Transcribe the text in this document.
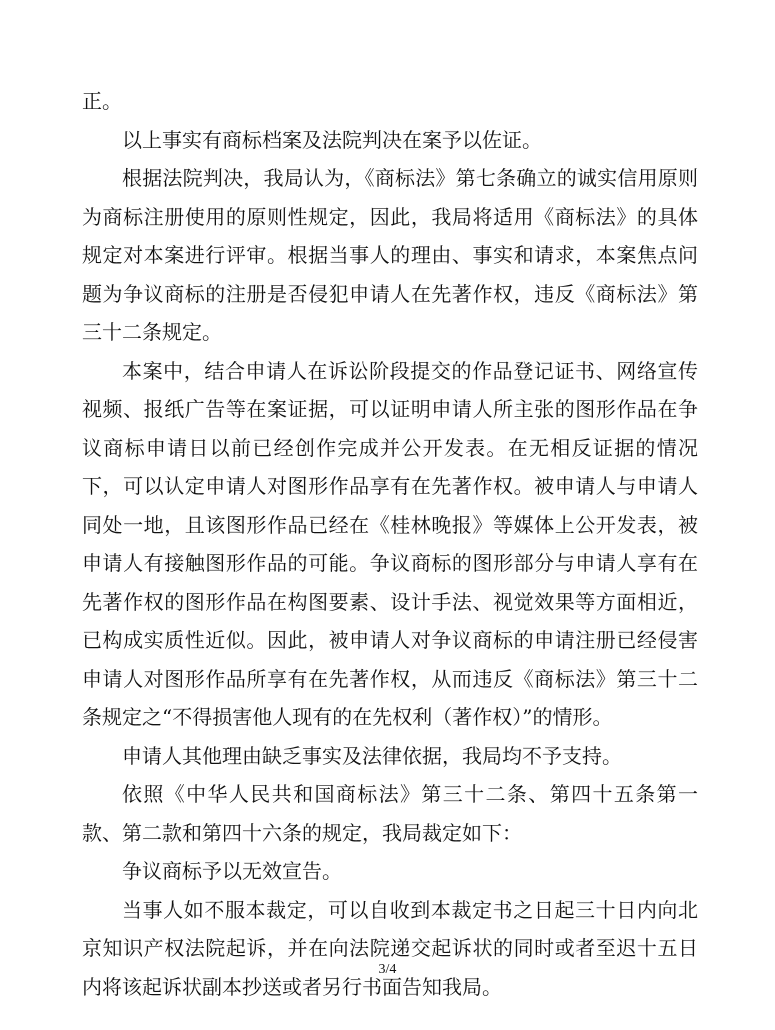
正。

以上事实有商标档案及法院判决在案予以佐证。

根据法院判决，我局认为，《商标法》第七条确立的诚实信用原则为商标注册使用的原则性规定，因此，我局将适用《商标法》的具体规定对本案进行评审。根据当事人的理由、事实和请求，本案焦点问题为争议商标的注册是否侵犯申请人在先著作权，违反《商标法》第三十二条规定。

本案中，结合申请人在诉讼阶段提交的作品登记证书、网络宣传视频、报纸广告等在案证据，可以证明申请人所主张的图形作品在争议商标申请日以前已经创作完成并公开发表。在无相反证据的情况下，可以认定申请人对图形作品享有在先著作权。被申请人与申请人同处一地，且该图形作品已经在《桂林晚报》等媒体上公开发表，被申请人有接触图形作品的可能。争议商标的图形部分与申请人享有在先著作权的图形作品在构图要素、设计手法、视觉效果等方面相近，已构成实质性近似。因此，被申请人对争议商标的申请注册已经侵害申请人对图形作品所享有在先著作权，从而违反《商标法》第三十二条规定之“不得损害他人现有的在先权利（著作权）”的情形。

申请人其他理由缺乏事实及法律依据，我局均不予支持。

依照《中华人民共和国商标法》第三十二条、第四十五条第一款、第二款和第四十六条的规定，我局裁定如下：

争议商标予以无效宣告。

当事人如不服本裁定，可以自收到本裁定书之日起三十日内向北京知识产权法院起诉，并在向法院递交起诉状的同时或者至迟十五日内将该起诉状副本抄送或者另行书面告知我局。

3/4
